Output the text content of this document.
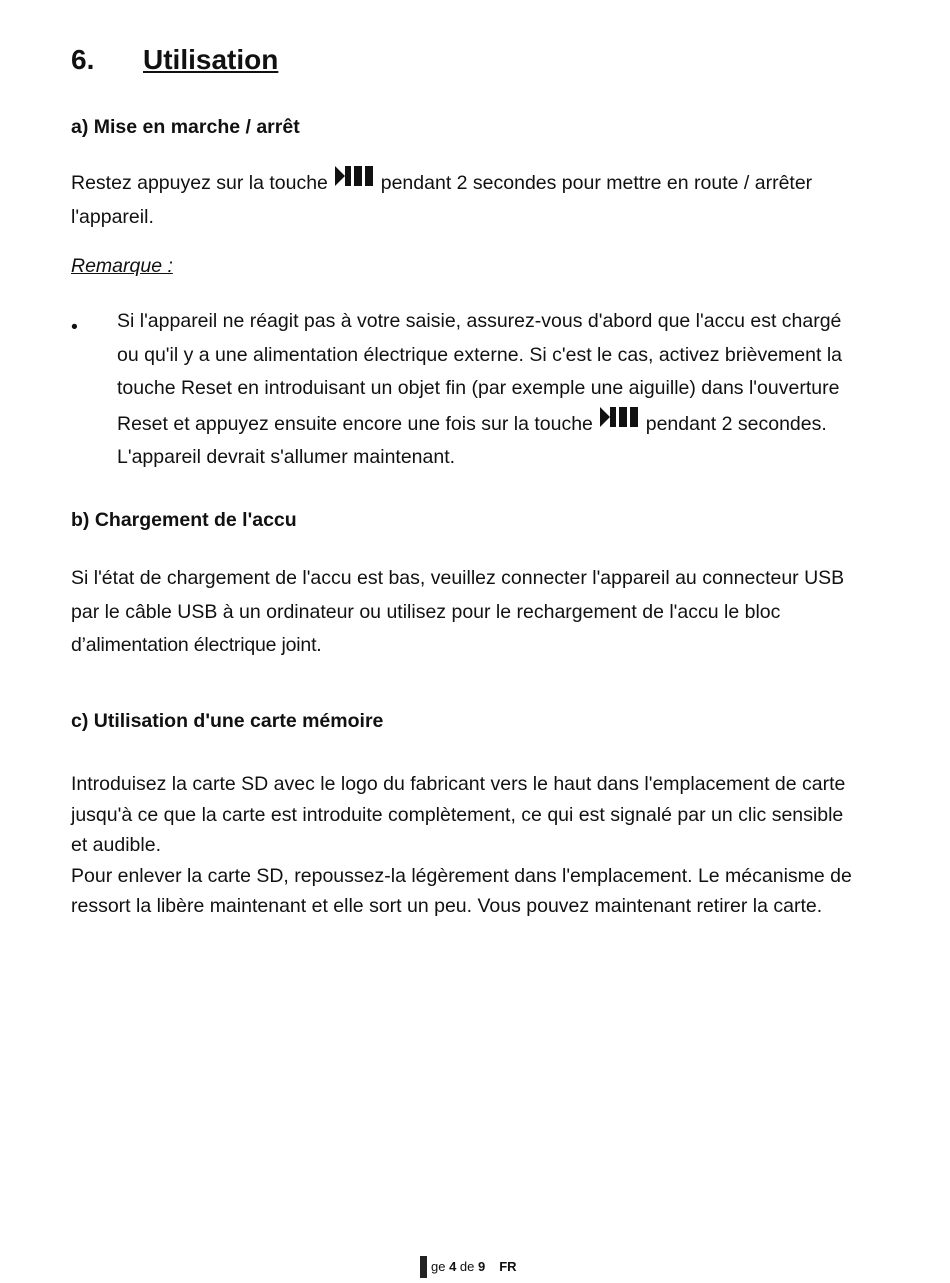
6. Utilisation
a) Mise en marche / arrêt
Restez appuyez sur la touche
pendant 2 secondes pour mettre en route / arrêter
l'appareil.
Remarque :
• Si l'appareil ne réagit pas à votre saisie, assurez-vous d'abord que l'accu est chargé
ou qu'il y a une alimentation électrique externe. Si c'est le cas, activez brièvement la
touche Reset en introduisant un objet fin (par exemple une aiguille) dans l'ouverture
Reset et appuyez ensuite encore une fois sur la touche
pendant 2 secondes.
L'appareil devrait s'allumer maintenant.
b) Chargement de l'accu
Si l'état de chargement de l'accu est bas, veuillez connecter l'appareil au connecteur USB
par le câble USB à un ordinateur ou utilisez pour le rechargement de l'accu le bloc
d’alimentation électrique joint.
c) Utilisation d'une carte mémoire
Introduisez la carte SD avec le logo du fabricant vers le haut dans l'emplacement de carte
jusqu'à ce que la carte est introduite complètement, ce qui est signalé par un clic sensible
et audible.
Pour enlever la carte SD, repoussez-la légèrement dans l'emplacement. Le mécanisme de
ressort la libère maintenant et elle sort un peu. Vous pouvez maintenant retirer la carte.
ge 4 de 9 FR
